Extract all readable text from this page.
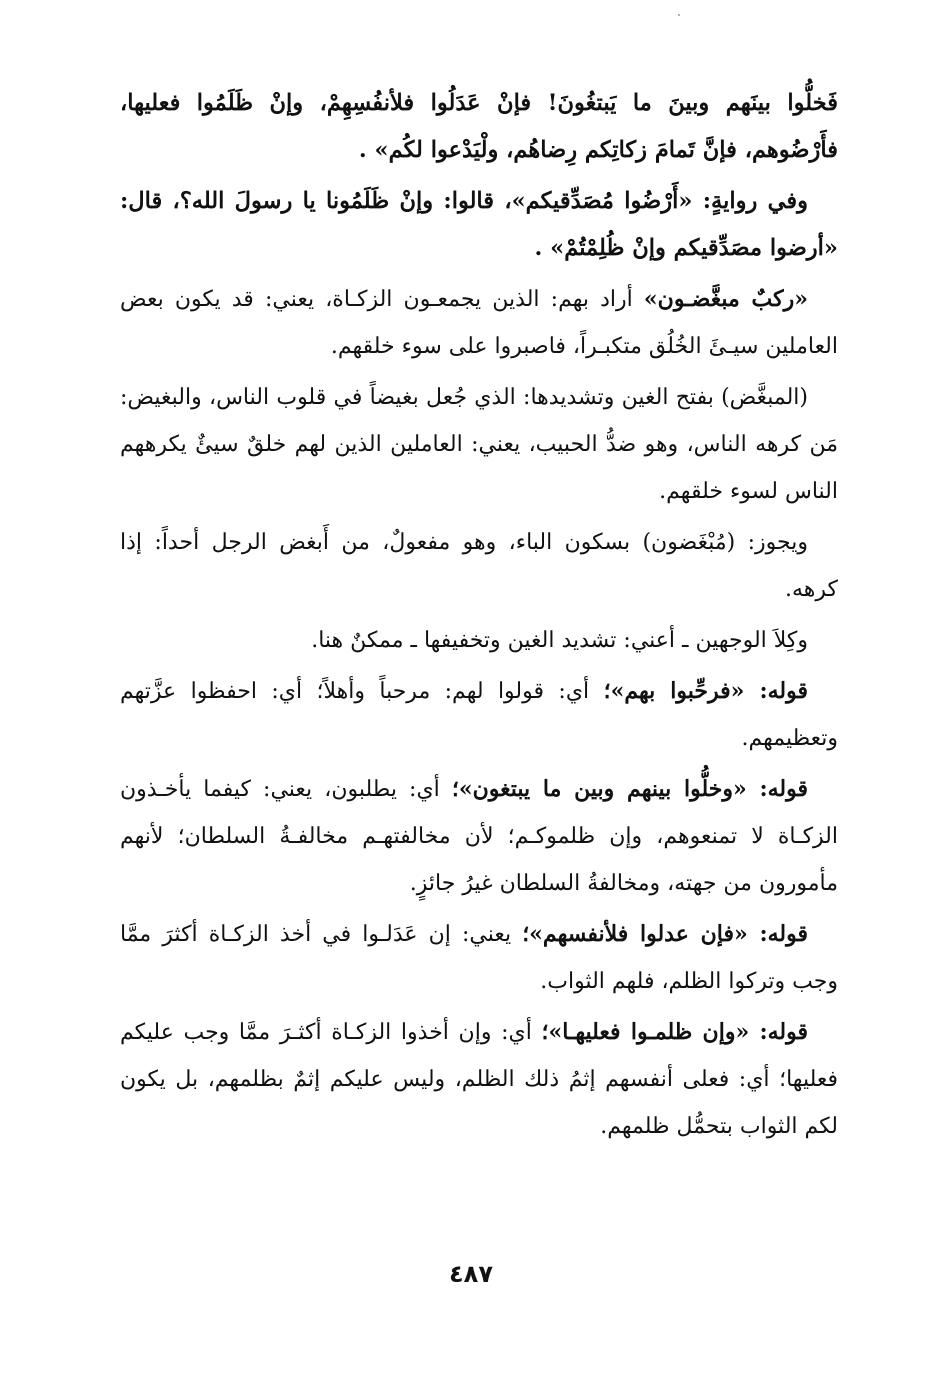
فَخلُّوا بينَهم وبينَ ما يَبتغُونَ! فإنْ عَدَلُوا فلأنفُسِهِمْ، وإنْ ظَلَمُوا فعليها، فأَرْضُوهم، فإنَّ تَمامَ زكاتِكم رِضاهُم، ولْيَدْعوا لكُم» .

وفي روايةٍ: «أَرْضُوا مُصَدِّقيكم»، قالوا: وإنْ ظَلَمُونا يا رسولَ الله؟، قال: «أرضوا مصَدِّقيكم وإنْ ظُلِمْتُمْ» .

«ركبٌ مبغَّضـون» أراد بهم: الذين يجمعـون الزكـاة، يعني: قد يكون بعض العاملين سيـئَ الخُلُق متكبـراً، فاصبروا على سوء خلقهم.

(المبغَّض) بفتح الغين وتشديدها: الذي جُعل بغيضاً في قلوب الناس، والبغيض: مَن كرهه الناس، وهو ضدُّ الحبيب، يعني: العاملين الذين لهم خلقٌ سيئٌ يكرههم الناس لسوء خلقهم.

ويجوز: (مُبْغَضون) بسكون الباء، وهو مفعولٌ، من أَبغض الرجل أحداً: إذا كرهه.

وكِلاَ الوجهين ـ أعني: تشديد الغين وتخفيفها ـ ممكنٌ هنا.

قوله: «فرحِّبوا بهم»؛ أي: قولوا لهم: مرحباً وأهلاً؛ أي: احفظوا عزَّتهم وتعظيمهم.

قوله: «وخلُّوا بينهم وبين ما يبتغون»؛ أي: يطلبون، يعني: كيفما يأخـذون الزكـاة لا تمنعوهم، وإن ظلموكـم؛ لأن مخالفتهـم مخالفـةُ السلطان؛ لأنهم مأمورون من جهته، ومخالفةُ السلطان غيرُ جائزٍ.

قوله: «فإن عدلوا فلأنفسهم»؛ يعني: إن عَدَلـوا في أخذ الزكـاة أكثرَ ممَّا وجب وتركوا الظلم، فلهم الثواب.

قوله: «وإن ظلمـوا فعليهـا»؛ أي: وإن أخذوا الزكـاة أكثـرَ ممَّا وجب عليكم فعليها؛ أي: فعلى أنفسهم إثمُ ذلك الظلم، وليس عليكم إثمٌ بظلمهم، بل يكون لكم الثواب بتحمُّل ظلمهم.

٤٨٧
